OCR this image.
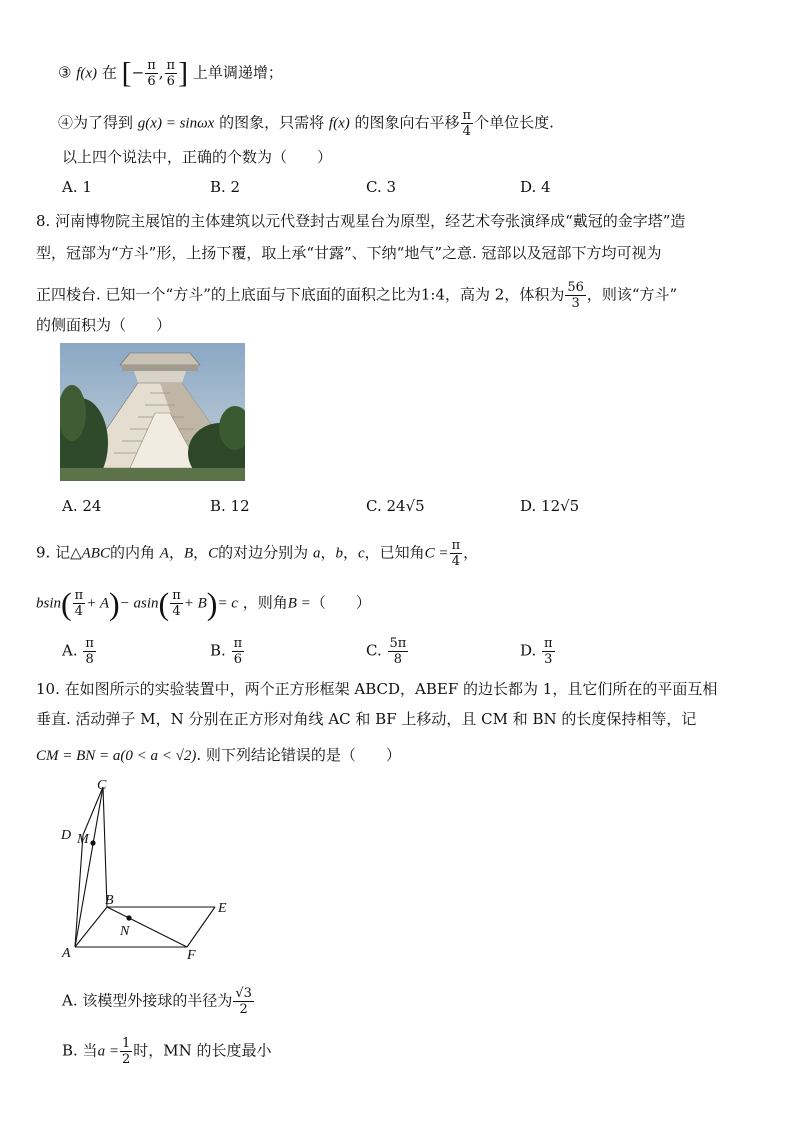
③ f(x) 在 [− $\frac{\pi}{6}$ , $\frac{\pi}{6}$ ] 上单调递增；
④为了得到 g(x) = sinωx 的图象，只需将 f(x) 的图象向右平移 $\frac{\pi}{4}$ 个单位长度.
以上四个说法中，正确的个数为（　　）
A. 1	B. 2	C. 3	D. 4
8. 河南博物院主展馆的主体建筑以元代登封古观星台为原型，经艺术夸张演绎成“戴冠的金字塔”造
型，冠部为“方斗”形，上扬下覆，取上承“甘露”、下纳“地气”之意. 冠部以及冠部下方均可视为
正四棱台. 已知一个“方斗”的上底面与下底面的面积之比为1:4，高为 2，体积为 $\frac{56}{3}$ ，则该“方斗”
的侧面积为（　　）
A. 24	B. 12	C. 24√5	D. 12√5
9. 记△ABC的内角 A，B，C的对边分别为 a，b，c，已知角$C = \frac{\pi}{4}$ ，
$bsin( \frac{\pi}{4} + A)- asin( \frac{\pi}{4} + B)= c$ ，则角B =（　　）
A. $\frac{\pi}{8}$	B. $\frac{\pi}{6}$	C. $\frac{5\pi}{8}$	D. $\frac{\pi}{3}$
10. 在如图所示的实验装置中，两个正方形框架 ABCD，ABEF 的边长都为 1，且它们所在的平面互相
垂直. 活动弹子 M，N 分别在正方形对角线 AC 和 BF 上移动，且 CM 和 BN 的长度保持相等，记
CM = BN = a(0 < a < √2). 则下列结论错误的是（　　）
C
D M
B
E
N
A	F
A. 该模型外接球的半径为 $\frac{√3}{2}$
B. 当$a = \frac{1}{2}$ 时，MN 的长度最小
